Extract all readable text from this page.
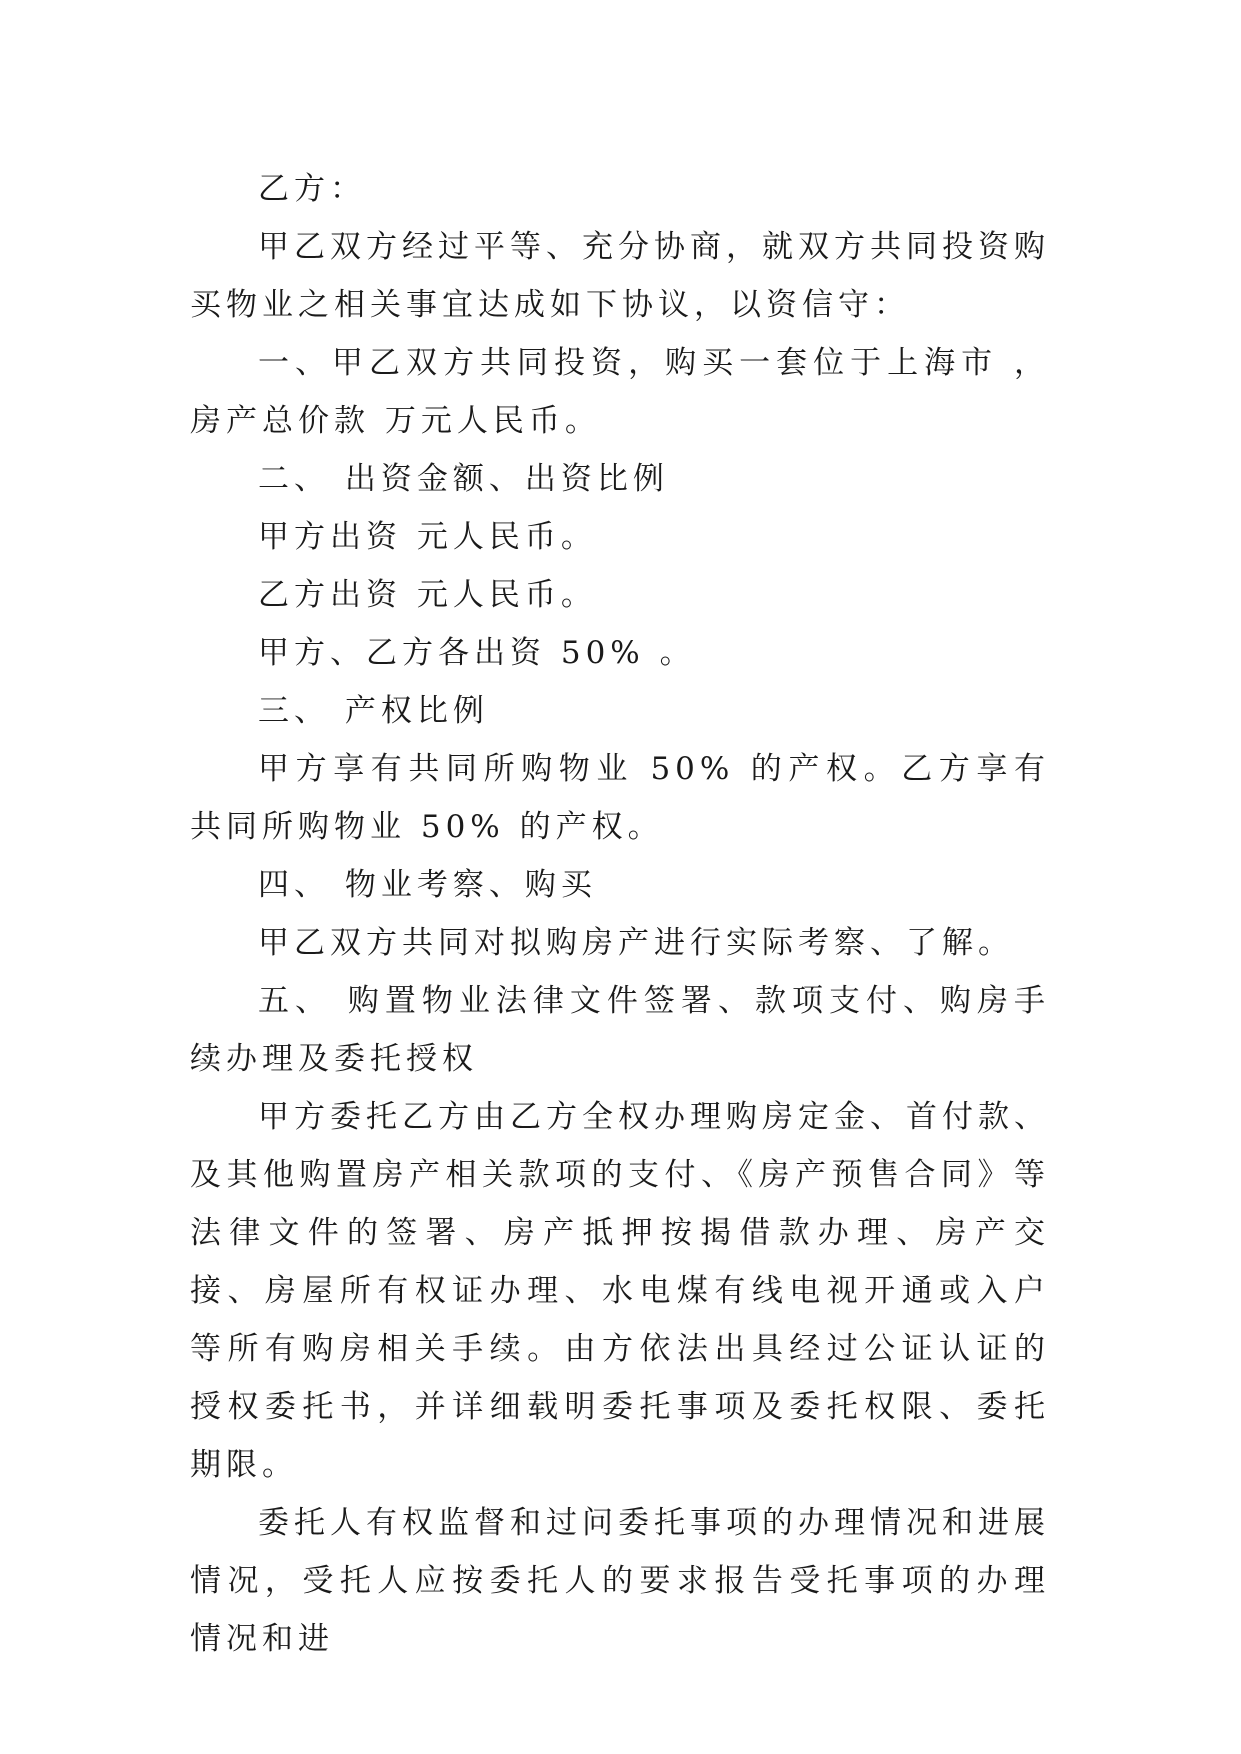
乙方：

甲乙双方经过平等、充分协商，就双方共同投资购买物业之相关事宜达成如下协议，以资信守：

一、甲乙双方共同投资，购买一套位于上海市 ，房产总价款 万元人民币。

二、 出资金额、出资比例

甲方出资 元人民币。

乙方出资 元人民币。

甲方、乙方各出资 50% 。

三、 产权比例

甲方享有共同所购物业 50% 的产权。乙方享有共同所购物业 50% 的产权。

四、 物业考察、购买

甲乙双方共同对拟购房产进行实际考察、了解。

五、 购置物业法律文件签署、款项支付、购房手续办理及委托授权

甲方委托乙方由乙方全权办理购房定金、首付款、及其他购置房产相关款项的支付、《房产预售合同》等法律文件的签署、房产抵押按揭借款办理、房产交接、房屋所有权证办理、水电煤有线电视开通或入户等所有购房相关手续。由方依法出具经过公证认证的授权委托书，并详细载明委托事项及委托权限、委托期限。

委托人有权监督和过问委托事项的办理情况和进展情况，受托人应按委托人的要求报告受托事项的办理情况和进
